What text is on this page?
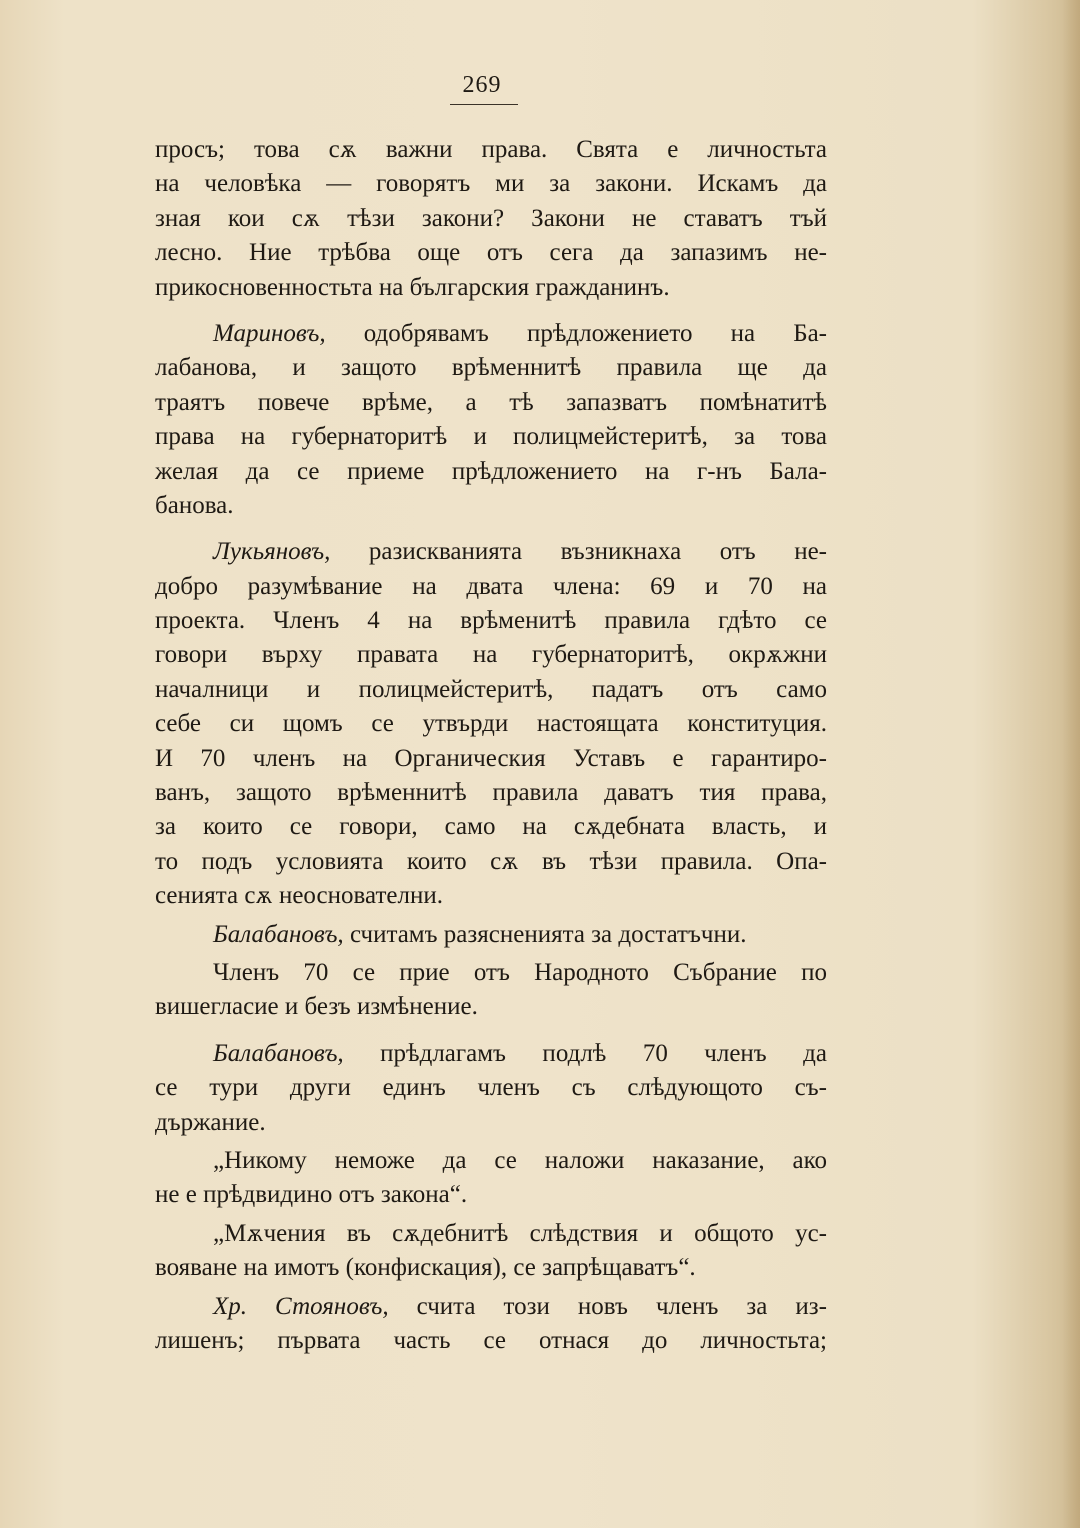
269
просъ; това сѫ важни права. Свята е личностьта
на человѣка — говорятъ ми за закони. Искамъ да
зная кои сѫ тѣзи закони? Закони не ставатъ тъй
лесно. Ние трѣбва още отъ сега да запазимъ не-
прикосновенностьта на българския гражданинъ.
Мариновъ, одобрявамъ прѣдложението на Ба-
лабанова, и защото врѣменнитѣ правила ще да
траятъ повече врѣме, а тѣ запазватъ помѣнатитѣ
права на губернаторитѣ и полицмейстеритѣ, за това
желая да се приеме прѣдложението на г-нъ Бала-
банова.
Лукьяновъ, разискванията възникнаха отъ не-
добро разумѣвание на двата члена: 69 и 70 на
проекта. Членъ 4 на врѣменитѣ правила гдѣто се
говори върху правата на губернаторитѣ, окрѫжни
началници и полицмейстеритѣ, падатъ отъ само
себе си щомъ се утвърди настоящата конституция.
И 70 членъ на Органическия Уставъ е гарантиро-
ванъ, защото врѣменнитѣ правила даватъ тия права,
за които се говори, само на сѫдебната власть, и
то подъ условията които сѫ въ тѣзи правила. Опа-
сенията сѫ неоснователни.
Балабановъ, считамъ разясненията за достатъчни.
Членъ 70 се прие отъ Народното Събрание по
вишегласие и безъ измѣнение.
Балабановъ, прѣдлагамъ подлѣ 70 членъ да
се тури други единъ членъ съ слѣдующото съ-
държание.
„Никому неможе да се наложи наказание, ако
не е прѣдвидино отъ закона“.
„Мѫчения въ сѫдебнитѣ слѣдствия и общото ус-
вояване на имотъ (конфискация), се запрѣщаватъ“.
Хр. Стояновъ, счита този новъ членъ за из-
лишенъ; първата часть се отнася до личностьта;
